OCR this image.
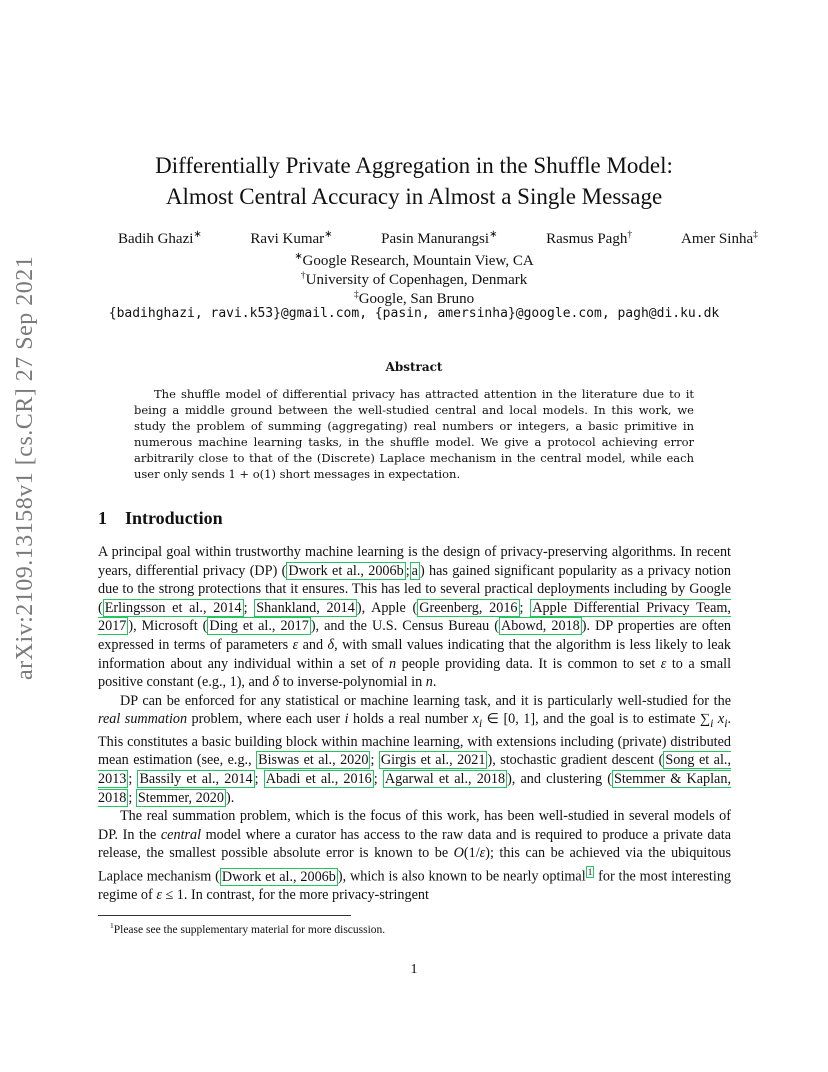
arXiv:2109.13158v1 [cs.CR] 27 Sep 2021
Differentially Private Aggregation in the Shuffle Model:
Almost Central Accuracy in Almost a Single Message
Badih Ghazi∗	Ravi Kumar∗	Pasin Manurangsi∗	Rasmus Pagh†	Amer Sinha‡
∗Google Research, Mountain View, CA
†University of Copenhagen, Denmark
‡Google, San Bruno
{badihghazi, ravi.k53}@gmail.com, {pasin, amersinha}@google.com, pagh@di.ku.dk
Abstract
The shuffle model of differential privacy has attracted attention in the literature due to it being a middle ground between the well-studied central and local models. In this work, we study the problem of summing (aggregating) real numbers or integers, a basic primitive in numerous machine learning tasks, in the shuffle model. We give a protocol achieving error arbitrarily close to that of the (Discrete) Laplace mechanism in the central model, while each user only sends 1 + o(1) short messages in expectation.
1 Introduction

A principal goal within trustworthy machine learning is the design of privacy-preserving algorithms. In recent years, differential privacy (DP) ( Dwork et al., 2006b ; a ) has gained significant popularity as a privacy notion due to the strong protections that it ensures. This has led to several practical deployments including by Google ( Erlingsson et al., 2014 ; Shankland, 2014 ), Apple ( Greenberg, 2016 ; Apple Differential Privacy Team, 2017 ), Microsoft ( Ding et al., 2017 ), and the U.S. Census Bureau ( Abowd, 2018 ). DP properties are often expressed in terms of parameters ε and δ, with small values indicating that the algorithm is less likely to leak information about any individual within a set of n people providing data. It is common to set ε to a small positive constant (e.g., 1), and δ to inverse-polynomial in n.

DP can be enforced for any statistical or machine learning task, and it is particularly well-studied for the real summation problem, where each user i holds a real number $x_i$ ∈ [0, 1], and the goal is to estimate $\sum_i$ $x_i$. This constitutes a basic building block within machine learning, with extensions including (private) distributed mean estimation (see, e.g., Biswas et al., 2020 ; Girgis et al., 2021 ), stochastic gradient descent ( Song et al., 2013 ; Bassily et al., 2014 ; Abadi et al., 2016 ; Agarwal et al., 2018 ), and clustering ( Stemmer & Kaplan, 2018 ; Stemmer, 2020 ).

The real summation problem, which is the focus of this work, has been well-studied in several models of DP. In the central model where a curator has access to the raw data and is required to produce a private data release, the smallest possible absolute error is known to be O(1/ε); this can be achieved via the ubiquitous Laplace mechanism ( Dwork et al., 2006b ), which is also known to be nearly optimal $^1$ for the most interesting regime of ε ≤ 1. In contrast, for the more privacy-stringent

$^1$Please see the supplementary material for more discussion.
1
